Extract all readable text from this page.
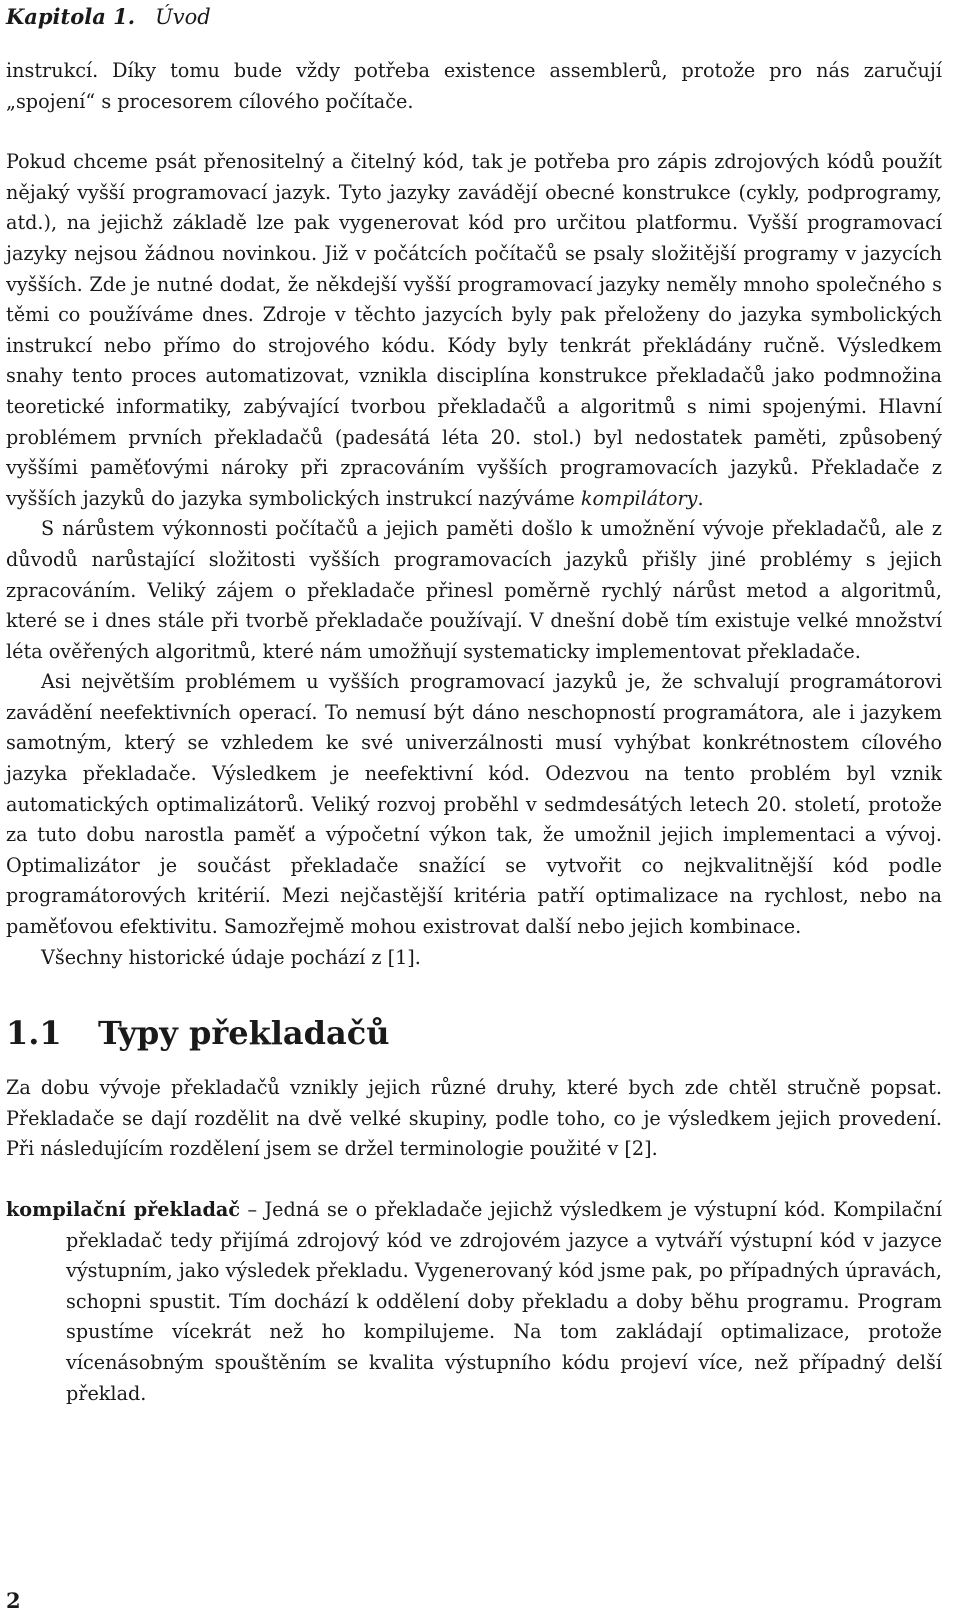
Kapitola 1. Úvod

instrukcí. Díky tomu bude vždy potřeba existence assemblerů, protože pro nás zaručují „spojení“ s procesorem cílového počítače.

Pokud chceme psát přenositelný a čitelný kód, tak je potřeba pro zápis zdrojových kódů použít nějaký vyšší programovací jazyk. Tyto jazyky zavádějí obecné konstrukce (cykly, podprogramy, atd.), na jejichž základě lze pak vygenerovat kód pro určitou platformu. Vyšší programovací jazyky nejsou žádnou novinkou. Již v počátcích počítačů se psaly složitější programy v jazycích vyšších. Zde je nutné dodat, že někdejší vyšší programovací jazyky neměly mnoho společného s těmi co používáme dnes. Zdroje v těchto jazycích byly pak přeloženy do jazyka symbolických instrukcí nebo přímo do strojového kódu. Kódy byly tenkrát překládány ručně. Výsledkem snahy tento proces automatizovat, vznikla disciplína konstrukce překladačů jako podmnožina teoretické informatiky, zabývající tvorbou překladačů a algoritmů s nimi spojenými. Hlavní problémem prvních překladačů (padesátá léta 20. stol.) byl nedostatek paměti, způsobený vyššími paměťovými nároky při zpracováním vyšších programovacích jazyků. Překladače z vyšších jazyků do jazyka symbolických instrukcí nazýváme kompilátory.

S nárůstem výkonnosti počítačů a jejich paměti došlo k umožnění vývoje překladačů, ale z důvodů narůstající složitosti vyšších programovacích jazyků přišly jiné problémy s jejich zpracováním. Veliký zájem o překladače přinesl poměrně rychlý nárůst metod a algoritmů, které se i dnes stále při tvorbě překladače používají. V dnešní době tím existuje velké množství léta ověřených algoritmů, které nám umožňují systematicky implementovat překladače.

Asi největším problémem u vyšších programovací jazyků je, že schvalují programátorovi zavádění neefektivních operací. To nemusí být dáno neschopností programátora, ale i jazykem samotným, který se vzhledem ke své univerzálnosti musí vyhýbat konkrétnostem cílového jazyka překladače. Výsledkem je neefektivní kód. Odezvou na tento problém byl vznik automatických optimalizátorů. Veliký rozvoj proběhl v sedmdesátých letech 20. století, protože za tuto dobu narostla paměť a výpočetní výkon tak, že umožnil jejich implementaci a vývoj. Optimalizátor je součást překladače snažící se vytvořit co nejkvalitnější kód podle programátorových kritérií. Mezi nejčastější kritéria patří optimalizace na rychlost, nebo na paměťovou efektivitu. Samozřejmě mohou existrovat další nebo jejich kombinace.

Všechny historické údaje pochází z [1].

1.1 Typy překladačů

Za dobu vývoje překladačů vznikly jejich různé druhy, které bych zde chtěl stručně popsat. Překladače se dají rozdělit na dvě velké skupiny, podle toho, co je výsledkem jejich provedení. Při následujícím rozdělení jsem se držel terminologie použité v [2].

kompilační překladač – Jedná se o překladače jejichž výsledkem je výstupní kód. Kompilační překladač tedy přijímá zdrojový kód ve zdrojovém jazyce a vytváří výstupní kód v jazyce výstupním, jako výsledek překladu. Vygenerovaný kód jsme pak, po případných úpravách, schopni spustit. Tím dochází k oddělení doby překladu a doby běhu programu. Program spustíme vícekrát než ho kompilujeme. Na tom zakládají optimalizace, protože vícenásobným spouštěním se kvalita výstupního kódu projeví více, než případný delší překlad.

2
